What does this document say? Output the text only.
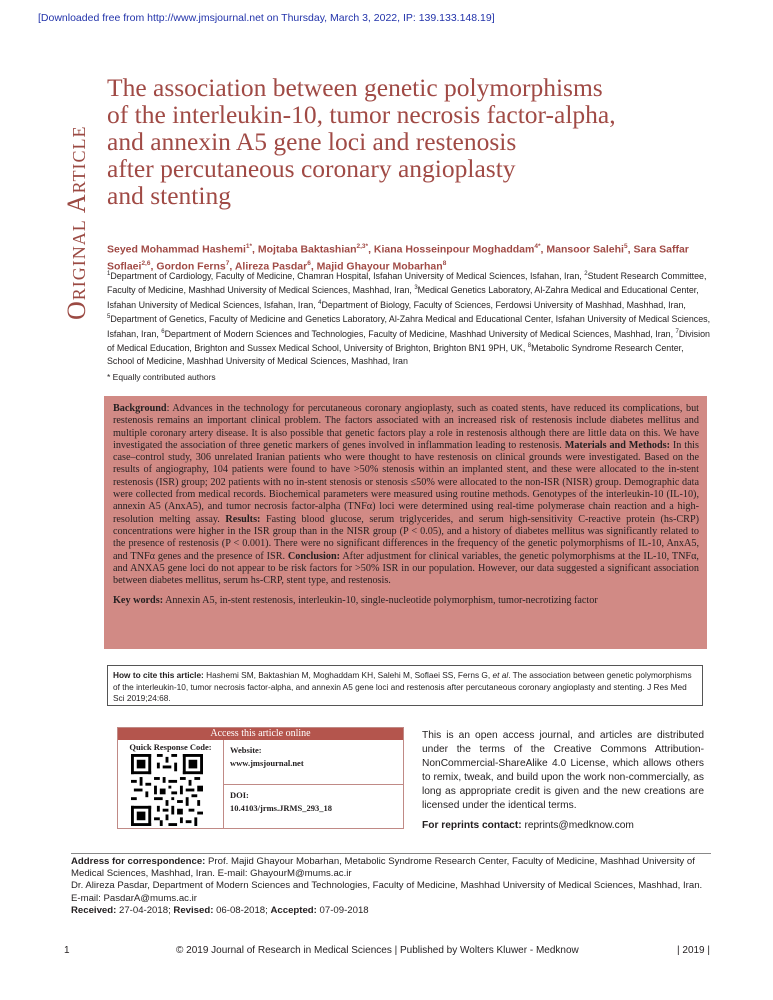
[Downloaded free from http://www.jmsjournal.net on Thursday, March 3, 2022, IP: 139.133.148.19]
Original Article
The association between genetic polymorphisms
of the interleukin-10, tumor necrosis factor-alpha,
and annexin A5 gene loci and restenosis
after percutaneous coronary angioplasty
and stenting
Seyed Mohammad Hashemi$^{1*}$, Mojtaba Baktashian$^{2,3*}$, Kiana Hosseinpour Moghaddam$^{4*}$, Mansoor Salehi$^5$, Sara Saffar Soflaei$^{2,6}$, Gordon Ferns$^7$, Alireza Pasdar$^6$, Majid Ghayour Mobarhan$^8$
$^1$Department of Cardiology, Faculty of Medicine, Chamran Hospital, Isfahan University of Medical Sciences, Isfahan, Iran, $^2$Student Research Committee, Faculty of Medicine, Mashhad University of Medical Sciences, Mashhad, Iran, $^3$Medical Genetics Laboratory, Al-Zahra Medical and Educational Center, Isfahan University of Medical Sciences, Isfahan, Iran, $^4$Department of Biology, Faculty of Sciences, Ferdowsi University of Mashhad, Mashhad, Iran, $^5$Department of Genetics, Faculty of Medicine and Genetics Laboratory, Al-Zahra Medical and Educational Center, Isfahan University of Medical Sciences, Isfahan, Iran, $^6$Department of Modern Sciences and Technologies, Faculty of Medicine, Mashhad University of Medical Sciences, Mashhad, Iran, $^7$Division of Medical Education, Brighton and Sussex Medical School, University of Brighton, Brighton BN1 9PH, UK, $^8$Metabolic Syndrome Research Center, School of Medicine, Mashhad University of Medical Sciences, Mashhad, Iran
* Equally contributed authors
Background: Advances in the technology for percutaneous coronary angioplasty, such as coated stents, have reduced its complications, but restenosis remains an important clinical problem. The factors associated with an increased risk of restenosis include diabetes mellitus and multiple coronary artery disease. It is also possible that genetic factors play a role in restenosis although there are little data on this. We have investigated the association of three genetic markers of genes involved in inflammation leading to restenosis. Materials and Methods: In this case–control study, 306 unrelated Iranian patients who were thought to have restenosis on clinical grounds were investigated. Based on the results of angiography, 104 patients were found to have >50% stenosis within an implanted stent, and these were allocated to the in-stent restenosis (ISR) group; 202 patients with no in-stent stenosis or stenosis ≤50% were allocated to the non-ISR (NISR) group. Demographic data were collected from medical records. Biochemical parameters were measured using routine methods. Genotypes of the interleukin-10 (IL-10), annexin A5 (AnxA5), and tumor necrosis factor-alpha (TNFα) loci were determined using real-time polymerase chain reaction and a high-resolution melting assay. Results: Fasting blood glucose, serum triglycerides, and serum high-sensitivity C-reactive protein (hs-CRP) concentrations were higher in the ISR group than in the NISR group (P < 0.05), and a history of diabetes mellitus was significantly related to the presence of restenosis (P < 0.001). There were no significant differences in the frequency of the genetic polymorphisms of IL-10, AnxA5, and TNFα genes and the presence of ISR. Conclusion: After adjustment for clinical variables, the genetic polymorphisms at the IL-10, TNFα, and ANXA5 gene loci do not appear to be risk factors for >50% ISR in our population. However, our data suggested a significant association between diabetes mellitus, serum hs-CRP, stent type, and restenosis.
Key words: Annexin A5, in-stent restenosis, interleukin-10, single-nucleotide polymorphism, tumor-necrotizing factor
How to cite this article: Hashemi SM, Baktashian M, Moghaddam KH, Salehi M, Soflaei SS, Ferns G, et al. The association between genetic polymorphisms of the interleukin-10, tumor necrosis factor-alpha, and annexin A5 gene loci and restenosis after percutaneous coronary angioplasty and stenting. J Res Med Sci 2019;24:68.
Access this article online
Quick Response Code:	Website:
www.jmsjournal.net
DOI:
10.4103/jrms.JRMS_293_18
This is an open access journal, and articles are distributed under the terms of the Creative Commons Attribution-NonCommercial-ShareAlike 4.0 License, which allows others to remix, tweak, and build upon the work non-commercially, as long as appropriate credit is given and the new creations are licensed under the identical terms.
For reprints contact: reprints@medknow.com
Address for correspondence: Prof. Majid Ghayour Mobarhan, Metabolic Syndrome Research Center, Faculty of Medicine, Mashhad University of Medical Sciences, Mashhad, Iran. E-mail: GhayourM@mums.ac.ir
Dr. Alireza Pasdar, Department of Modern Sciences and Technologies, Faculty of Medicine, Mashhad University of Medical Sciences, Mashhad, Iran. E-mail: PasdarA@mums.ac.ir
Received: 27-04-2018; Revised: 06-08-2018; Accepted: 07-09-2018
1	© 2019 Journal of Research in Medical Sciences | Published by Wolters Kluwer - Medknow	| 2019 |
